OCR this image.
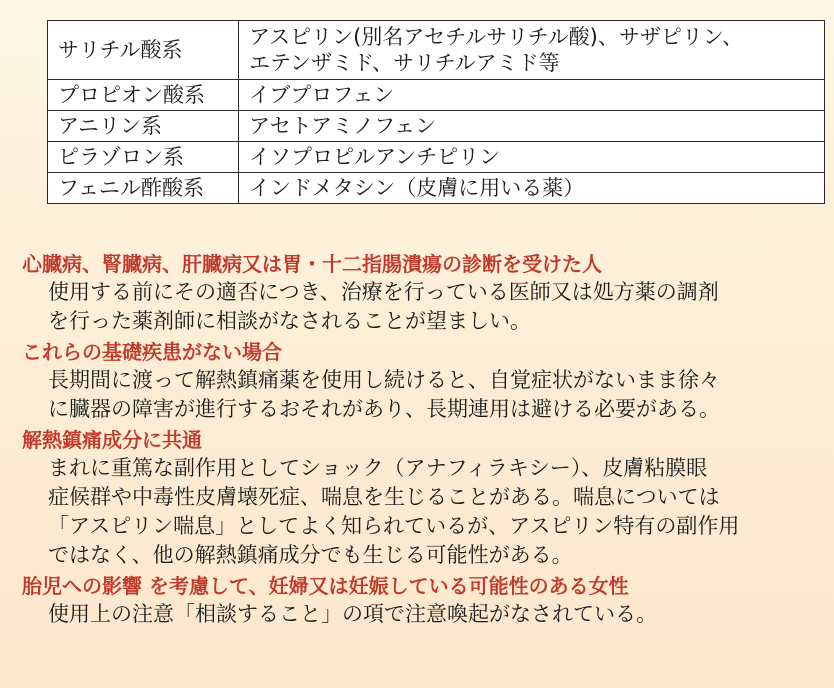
サリチル酸系	アスピリン(別名アセチルサリチル酸)、サザピリン、
エテンザミド、サリチルアミド等

プロピオン酸系	イブプロフェン

アニリン系	アセトアミノフェン

ピラゾロン系	イソプロピルアンチピリン

フェニル酢酸系	インドメタシン（皮膚に用いる薬）

心臓病、腎臓病、肝臓病又は胃・十二指腸潰瘍の診断を受けた人

使用する前にその適否につき、治療を行っている医師又は処方薬の調剤
を行った薬剤師に相談がなされることが望ましい。

これらの基礎疾患がない場合

長期間に渡って解熱鎮痛薬を使用し続けると、自覚症状がないまま徐々
に臓器の障害が進行するおそれがあり、長期連用は避ける必要がある。

解熱鎮痛成分に共通

まれに重篤な副作用としてショック（アナフィラキシー）、皮膚粘膜眼
症候群や中毒性皮膚壊死症、喘息を生じることがある。喘息については
「アスピリン喘息」としてよく知られているが、アスピリン特有の副作用
ではなく、他の解熱鎮痛成分でも生じる可能性がある。

胎児への影響 を考慮して、妊婦又は妊娠している可能性のある女性

使用上の注意「相談すること」の項で注意喚起がなされている。
